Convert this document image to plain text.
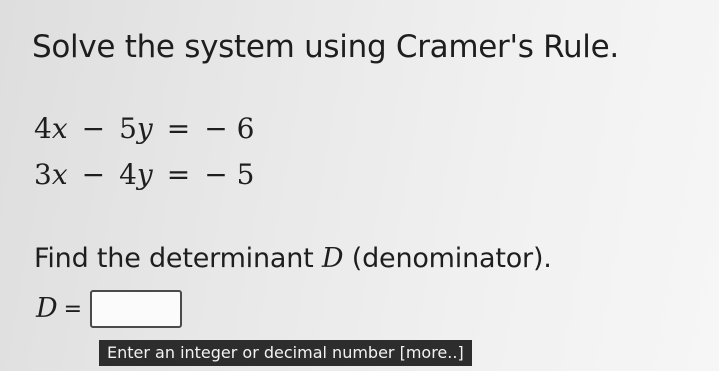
Solve the system using Cramer's Rule.
4x − 5y = − 6
3x − 4y = − 5
Find the determinant D (denominator).
D =
Enter an integer or decimal number [more..]
